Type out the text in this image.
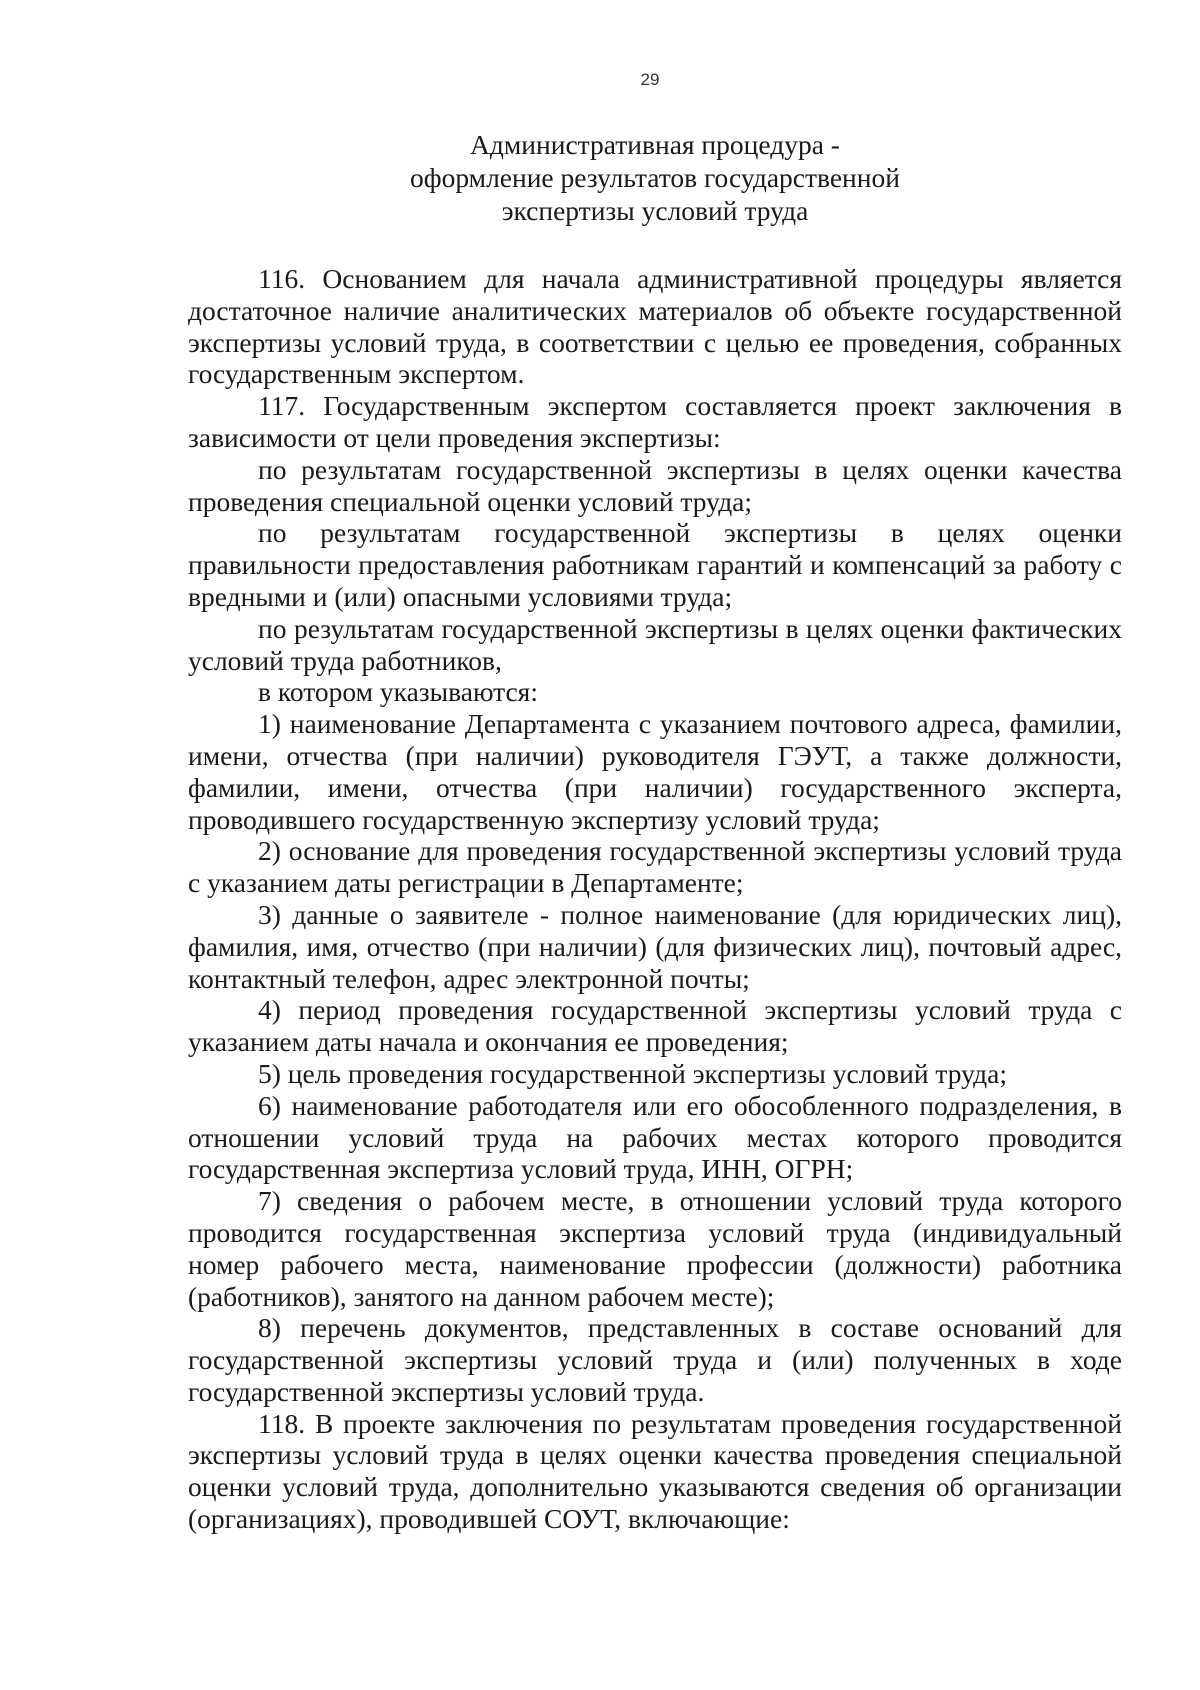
29
Административная процедура -
оформление результатов государственной
экспертизы условий труда

116. Основанием для начала административной процедуры является достаточное наличие аналитических материалов об объекте государственной экспертизы условий труда, в соответствии с целью ее проведения, собранных государственным экспертом.

117. Государственным экспертом составляется проект заключения в зависимости от цели проведения экспертизы:

по результатам государственной экспертизы в целях оценки качества проведения специальной оценки условий труда;

по результатам государственной экспертизы в целях оценки правильности предоставления работникам гарантий и компенсаций за работу с вредными и (или) опасными условиями труда;

по результатам государственной экспертизы в целях оценки фактических условий труда работников,

в котором указываются:

1) наименование Департамента с указанием почтового адреса, фамилии, имени, отчества (при наличии) руководителя ГЭУТ, а также должности, фамилии, имени, отчества (при наличии) государственного эксперта, проводившего государственную экспертизу условий труда;

2) основание для проведения государственной экспертизы условий труда с указанием даты регистрации в Департаменте;

3) данные о заявителе - полное наименование (для юридических лиц), фамилия, имя, отчество (при наличии) (для физических лиц), почтовый адрес, контактный телефон, адрес электронной почты;

4) период проведения государственной экспертизы условий труда с указанием даты начала и окончания ее проведения;

5) цель проведения государственной экспертизы условий труда;

6) наименование работодателя или его обособленного подразделения, в отношении условий труда на рабочих местах которого проводится государственная экспертиза условий труда, ИНН, ОГРН;

7) сведения о рабочем месте, в отношении условий труда которого проводится государственная экспертиза условий труда (индивидуальный номер рабочего места, наименование профессии (должности) работника (работников), занятого на данном рабочем месте);

8) перечень документов, представленных в составе оснований для государственной экспертизы условий труда и (или) полученных в ходе государственной экспертизы условий труда.

118. В проекте заключения по результатам проведения государственной экспертизы условий труда в целях оценки качества проведения специальной оценки условий труда, дополнительно указываются сведения об организации (организациях), проводившей СОУТ, включающие:
